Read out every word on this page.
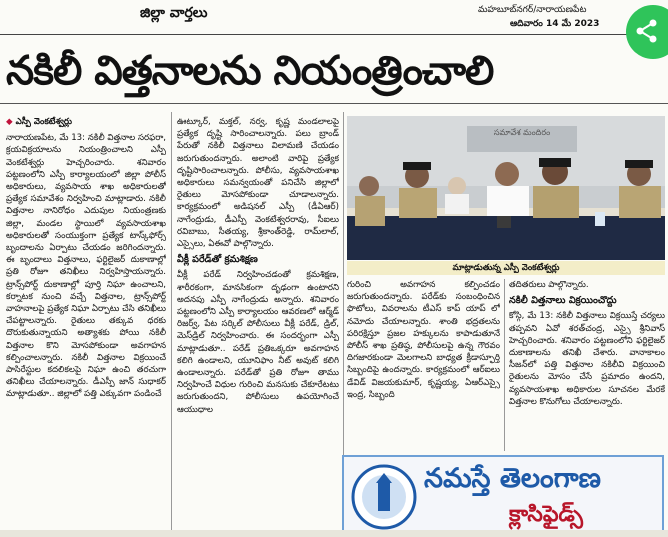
జిల్లా వార్తలు	మహబూబ్‌నగర్/నారాయణపేట
ఆదివారం 14 మే 2023
నకిలీ విత్తనాలను నియంత్రించాలి

◆ ఎస్పీ వెంకటేశ్వర్లు

నారాయణపేట, మే 13: నకిలీ విత్తనాల సరఫరా, క్రయవిక్రయాలను నియంత్రించాలని ఎస్పీ వెంకటేశ్వర్లు హెచ్చరించారు. శనివారం పట్టణంలోని ఎస్పీ కార్యాలయంలో జిల్లా పోలీస్ అధికారులు, వ్యవసాయ శాఖ అధికారులతో ప్రత్యేక సమావేశం నిర్వహించి మాట్లాడారు. నకిలీ విత్తనాల నానిరోధం ఎదుపుల నియంత్రణకు జిల్లా, మండల స్థాయిలో వ్యవసాయశాఖ అధికారులతో సంయుక్తంగా ప్రత్యేక టాస్క్‌ఫోర్స్ బృందాలను ఏర్పాటు చేయడం జరిగిందన్నారు. ఈ బృందాలు విత్తనాలు, ఫర్టిలైజర్ దుకాణాల్లో ప్రతి రోజూ తనిఖీలు నిర్వహిస్తాయన్నారు. ట్రాన్స్‌పోర్ట్ దుకాణాల్లో పూర్తి నిఘా ఉంచాలని, కర్నాటక నుంచి వచ్చే విత్తనాల, ట్రాన్స్‌పోర్ట్ వాహనాలపై ప్రత్యేక నిఘా ఏర్పాటు చేసి తనిఖీలు చేపట్టాలన్నారు. రైతులు తక్కువ ధరకు దొరుకుతున్నాయని అత్యాశకు పోయి నకిలీ విత్తనాల కొని మోసపోకుండా అవగాహన కల్పించాలన్నారు. నకిలీ విత్తనాల విక్రయించే పాసిరేస్టుల కదలికలపై నిఘా ఉంచి తరచుగా తనిఖీలు చేయాలన్నారు. డీఎస్పీ జాన్ సుధాకర్ మాట్లాడుతూ.. జిల్లాలో పత్తి ఎక్కువగా పండించే

ఊట్కూర్, మక్తల్, నర్వ, కృష్ణ మండలాలపై ప్రత్యేక దృష్టి సారించాలన్నారు. పలు బ్రాండ్ పేరుతో నకిలీ విత్తనాలు విలామణి చేయడం జరుగుతుందన్నారు. అలాంటి వారిపై ప్రత్యేక దృష్టిసారించాలన్నారు. పోలీసు, వ్యవసాయశాఖ అధికారులు సమన్వయంతో పనిచేసి జిల్లాలో రైతులు మోసపోకుండా చూడాలన్నారు. కార్యక్రమంలో అడిషనల్ ఎస్పీ (డీఏఆర్) నాగేంద్రుడు, డీఎస్పీ వెంకటేశ్వరరావు, సీఐలు రవిబాబు, సీతయ్య, శ్రీకాంత్‌రెడ్డి, రామ్‌లాల్, ఎస్సైలు, ఏఈవో పాల్గొన్నారు.

వీక్లీ పరేడ్‌తో క్రమశిక్షణ

వీక్లీ పరేడ్ నిర్వహించడంతో క్రమశిక్షణ, శారీరకంగా, మానసికంగా దృఢంగా ఉంటారని అదనపు ఎస్పీ నాగేంద్రుడు అన్నారు. శనివారం పట్టణంలోని ఎస్పీ కార్యాలయం ఆవరణలో ఆర్మ్‌డ్ రిజర్వ్, పేట సర్కిల్ పోలీసులు వీక్లీ పరేడ్, డ్రిల్, మెస్‌డ్రిల్ నిర్వహించారు. ఈ సందర్భంగా ఎస్పీ మాట్లాడుతూ.. పరేడ్ ప్రతిఒక్కరూ అవగాహన కలిగి ఉండాలని, యూనిఫాం నీట్ అవుట్ కలిగి ఉండాలన్నారు. పరేడ్‌తో ప్రతి రోజూ తాము నిర్వహించే విధుల గురించి మనసుకు చేకూరేటటు జరుగుతుందని, పోలీసులు ఉపయోగించే ఆయుధాల

సమావేశ మందిరం
మాట్లాడుతున్న ఎస్పీ వెంకటేశ్వర్లు

గురించి అవగాహన కల్పించడం జరుగుతుందన్నారు. పరేడ్‌కు సంబంధించిన ఫొటోలు, వివరాలను టీఎస్ కాప్ యాప్ లో నమోదు చేయాలన్నారు. శాంతి భద్రతలను పరిరక్షిస్తూ ప్రజల హక్కులను కాపాడుతూనే పోలీస్ శాఖ ప్రతిష్ఠ, పోలీసులపై ఉన్న గౌరవం దిగజారకుండా మెలగాలని బాధ్యత క్రీడాస్ఫూర్తి సిబ్బందిపై ఉందన్నారు. కార్యక్రమంలో ఆర్‌ఐలు డేవిడ్ విజయకుమార్, కృష్ణయ్య, ఏఆర్ఎస్సై ఇంద్ర, సిబ్బంది

తదితరులు పాల్గొన్నారు.

నకిలీ విత్తనాలు విక్రయించొద్దు

కోస్గి, మే 13: నకిలీ విత్తనాలు విక్రయిస్తే చర్యలు తప్పవని ఏవో శరత్‌చంద్ర, ఎస్సై శ్రీనివాస్ హెచ్చరించారు. శనివారం పట్టణంలోని ఫర్టిలైజర్ దుకాణాలను తనిఖీ చేశారు. వానాకాలం సీజన్‌లో పత్తి విత్తనాల నకిలీవి విక్రయించి రైతులను మోసం చేసే ప్రమాదం ఉందని, వ్యవసాయశాఖ అధికారుల సూచనల మేరకే విత్తనాల కొనుగోలు చేయాలన్నారు.

నమస్తే తెలంగాణ
క్లాసిఫైడ్స్
